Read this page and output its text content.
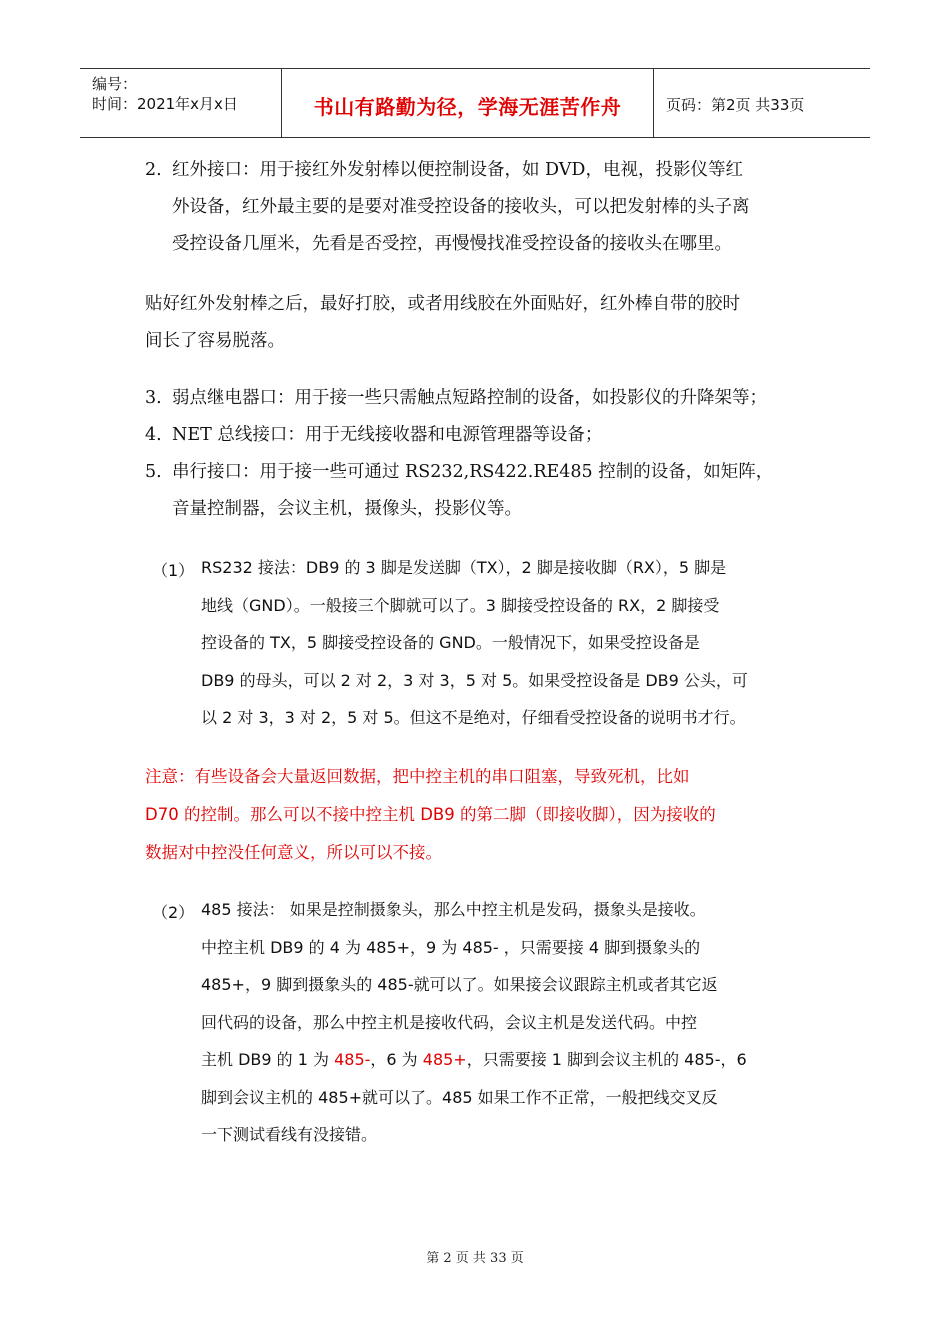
编号：
时间：2021年x月x日	书山有路勤为径，学海无涯苦作舟	页码：第2页 共33页
2. 红外接口：用于接红外发射棒以便控制设备，如 DVD，电视，投影仪等红
外设备，红外最主要的是要对准受控设备的接收头，可以把发射棒的头子离
受控设备几厘米，先看是否受控，再慢慢找准受控设备的接收头在哪里。
贴好红外发射棒之后，最好打胶，或者用线胶在外面贴好，红外棒自带的胶时
间长了容易脱落。
3. 弱点继电器口：用于接一些只需触点短路控制的设备，如投影仪的升降架等；
4. NET 总线接口：用于无线接收器和电源管理器等设备；
5. 串行接口：用于接一些可通过 RS232,RS422.RE485 控制的设备，如矩阵，
音量控制器，会议主机，摄像头，投影仪等。
（1） RS232 接法：DB9 的 3 脚是发送脚（TX），2 脚是接收脚（RX），5 脚是
地线（GND）。一般接三个脚就可以了。3 脚接受控设备的 RX，2 脚接受
控设备的 TX，5 脚接受控设备的 GND。一般情况下，如果受控设备是
DB9 的母头，可以 2 对 2，3 对 3，5 对 5。如果受控设备是 DB9 公头，可
以 2 对 3，3 对 2，5 对 5。但这不是绝对，仔细看受控设备的说明书才行。
注意：有些设备会大量返回数据，把中控主机的串口阻塞，导致死机，比如
D70 的控制。那么可以不接中控主机 DB9 的第二脚（即接收脚），因为接收的
数据对中控没任何意义，所以可以不接。
（2） 485 接法： 如果是控制摄象头，那么中控主机是发码，摄象头是接收。
中控主机 DB9 的 4 为 485+，9 为 485- ，只需要接 4 脚到摄象头的
485+，9 脚到摄象头的 485-就可以了。如果接会议跟踪主机或者其它返
回代码的设备，那么中控主机是接收代码，会议主机是发送代码。中控
主机 DB9 的 1 为 485-，6 为 485+，只需要接 1 脚到会议主机的 485-，6
脚到会议主机的 485+就可以了。485 如果工作不正常，一般把线交叉反
一下测试看线有没接错。
第 2 页 共 33 页
